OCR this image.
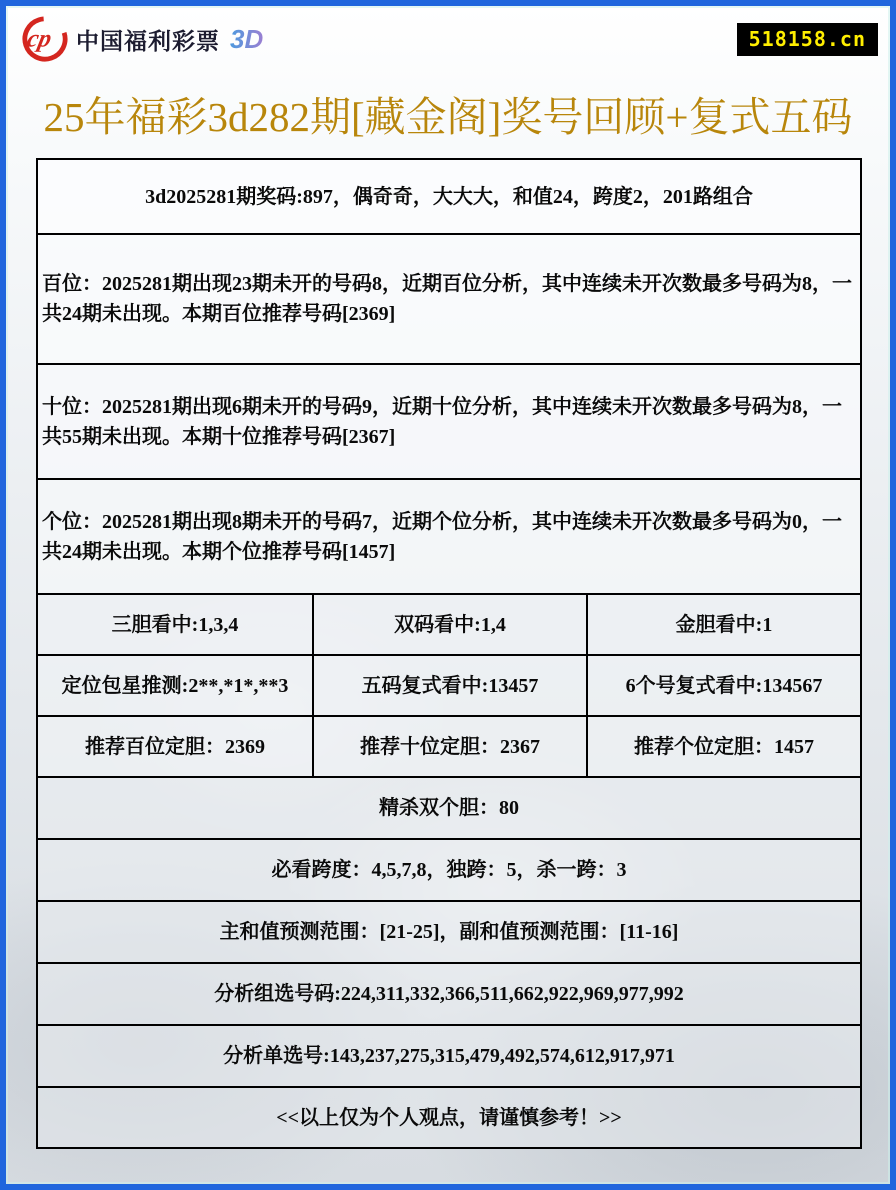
cp 中国福利彩票 3D	518158.cn
25年福彩3d282期[藏金阁]奖号回顾+复式五码
3d2025281期奖码:897，偶奇奇，大大大，和值24，跨度2，201路组合
百位：2025281期出现23期未开的号码8，近期百位分析，其中连续未开次数最多号码为8，一共24期未出现。本期百位推荐号码[2369]
十位：2025281期出现6期未开的号码9，近期十位分析，其中连续未开次数最多号码为8，一共55期未出现。本期十位推荐号码[2367]
个位：2025281期出现8期未开的号码7，近期个位分析，其中连续未开次数最多号码为0，一共24期未出现。本期个位推荐号码[1457]
三胆看中:1,3,4	双码看中:1,4	金胆看中:1
定位包星推测:2**,*1*,**3	五码复式看中:13457	6个号复式看中:134567
推荐百位定胆：2369	推荐十位定胆：2367	推荐个位定胆：1457
精杀双个胆：80
必看跨度：4,5,7,8，独跨：5，杀一跨：3
主和值预测范围：[21-25]，副和值预测范围：[11-16]
分析组选号码:224,311,332,366,511,662,922,969,977,992
分析单选号:143,237,275,315,479,492,574,612,917,971
<<以上仅为个人观点，请谨慎参考！>>
